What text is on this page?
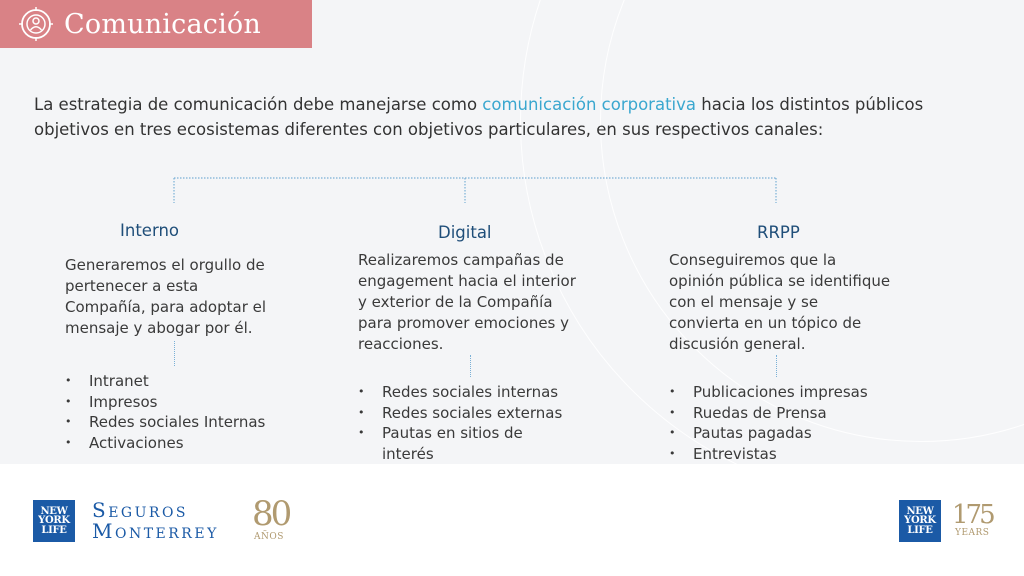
Comunicación
La estrategia de comunicación debe manejarse como comunicación corporativa hacia los distintos públicos objetivos en tres ecosistemas diferentes con objetivos particulares, en sus respectivos canales:
Interno
Generaremos el orgullo de pertenecer a esta Compañía, para adoptar el mensaje y abogar por él.
• Intranet
• Impresos
• Redes sociales Internas
• Activaciones
Digital
Realizaremos campañas de engagement hacia el interior y exterior de la Compañía para promover emociones y reacciones.
• Redes sociales internas
• Redes sociales externas
• Pautas en sitios de interés
RRPP
Conseguiremos que la opinión pública se identifique con el mensaje y se convierta en un tópico de discusión general.
• Publicaciones impresas
• Ruedas de Prensa
• Pautas pagadas
• Entrevistas
NEW
YORK
LIFE
Seguros
Monterrey 80
AÑOS
NEW
YORK
LIFE
175
YEARS
